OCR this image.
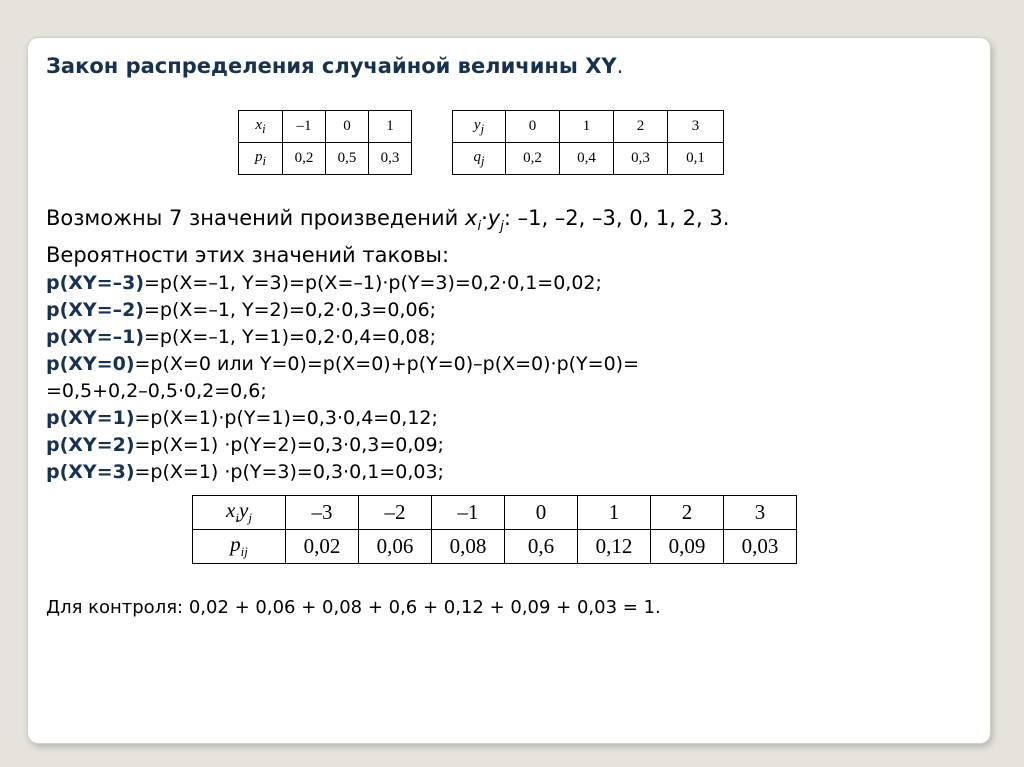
Закон распределения случайной величины XY.
$x_i$	–1	0	1
$p_i$	0,2	0,5	0,3
$y_j$	0	1	2	3
$q_j$	0,2	0,4	0,3	0,1
Возможны 7 значений произведений $x_i\cdot y_j$: –1, –2, –3, 0, 1, 2, 3.
Вероятности этих значений таковы:
p(XY=–3)=p(X=–1, Y=3)=p(X=–1)·p(Y=3)=0,2·0,1=0,02;
p(XY=–2)=p(X=–1, Y=2)=0,2·0,3=0,06;
p(XY=–1)=p(X=–1, Y=1)=0,2·0,4=0,08;
p(XY=0)=p(X=0 или Y=0)=p(X=0)+p(Y=0)–p(X=0)·p(Y=0)=
=0,5+0,2–0,5·0,2=0,6;
p(XY=1)=p(X=1)·p(Y=1)=0,3·0,4=0,12;
p(XY=2)=p(X=1) ·p(Y=2)=0,3·0,3=0,09;
p(XY=3)=p(X=1) ·p(Y=3)=0,3·0,1=0,03;
$x_iy_j$	–3	–2	–1	0	1	2	3
$p_{ij}$	0,02	0,06	0,08	0,6	0,12	0,09	0,03
Для контроля: 0,02 + 0,06 + 0,08 + 0,6 + 0,12 + 0,09 + 0,03 = 1.
